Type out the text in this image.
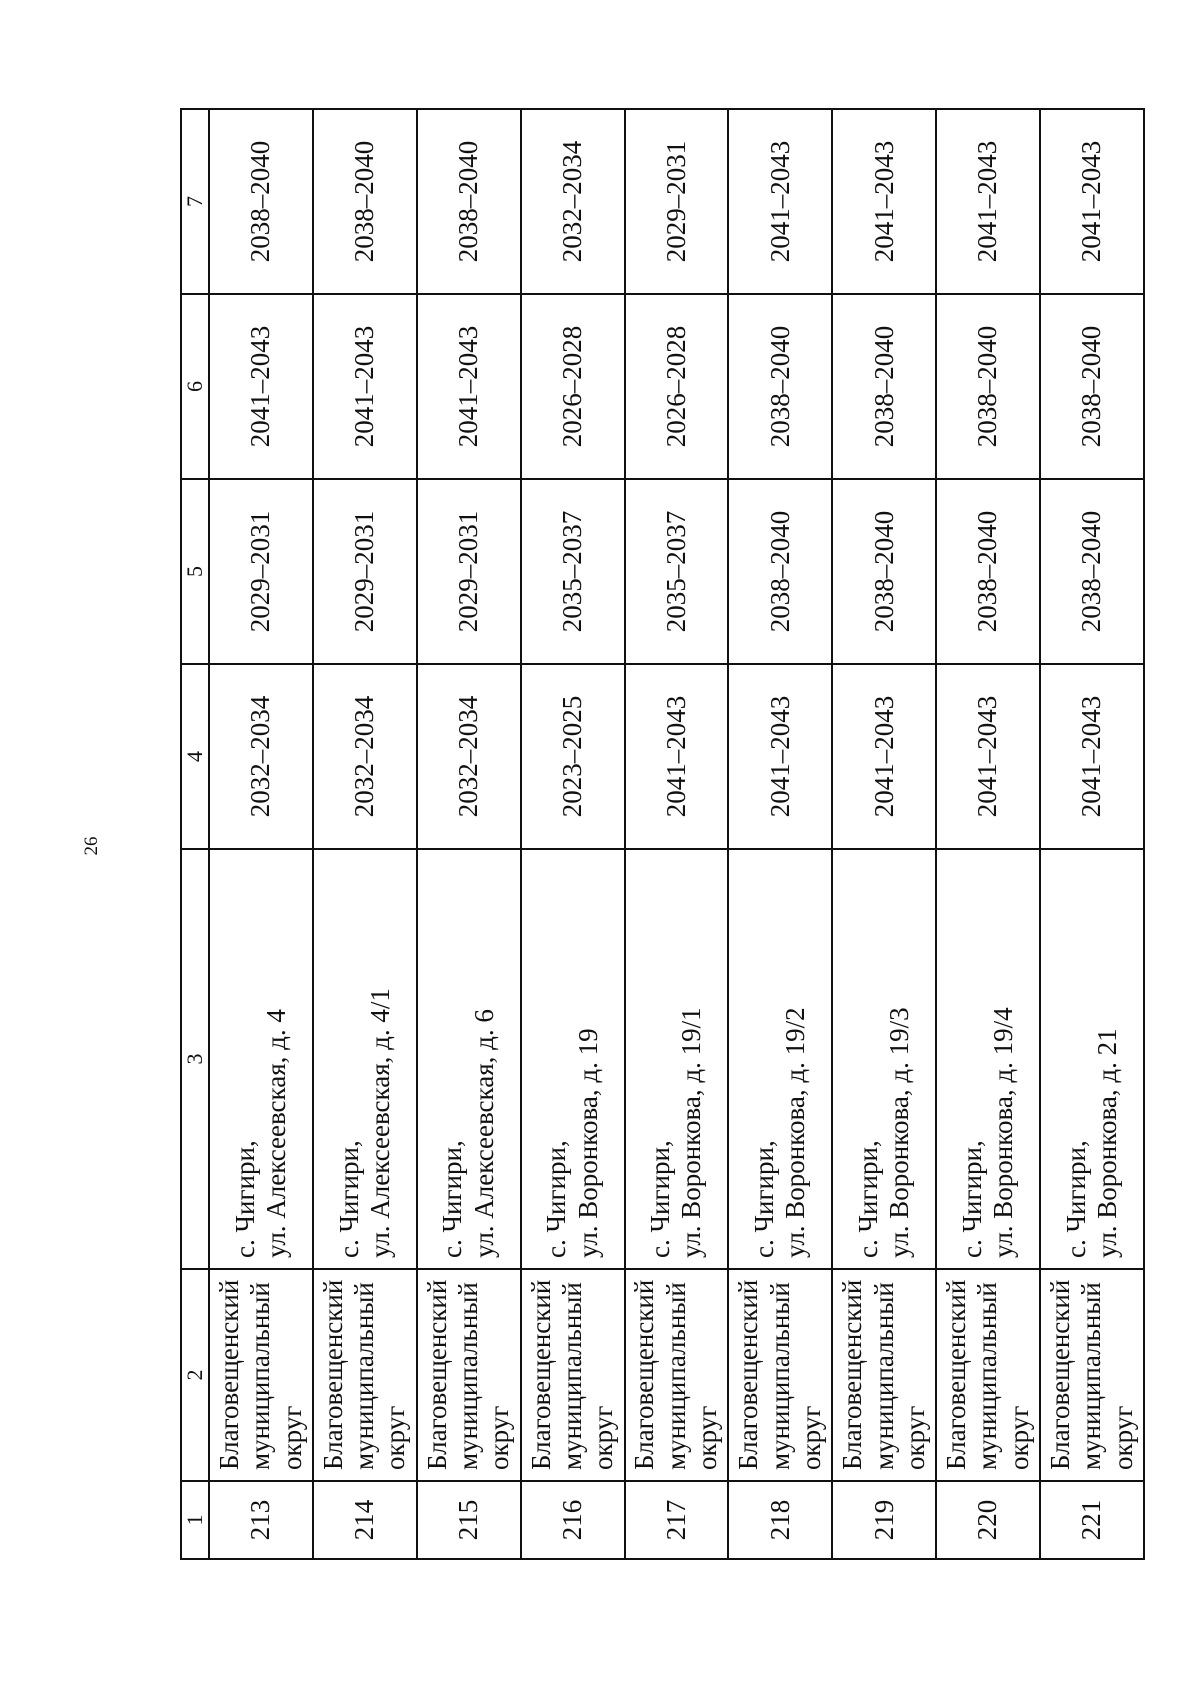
26
1	2	3	4	5	6	7
213	Благовещенский муниципальный округ	с. Чигири, ул. Алексеевская, д. 4	2032–2034	2029–2031	2041–2043	2038–2040
214	Благовещенский муниципальный округ	с. Чигири, ул. Алексеевская, д. 4/1	2032–2034	2029–2031	2041–2043	2038–2040
215	Благовещенский муниципальный округ	с. Чигири, ул. Алексеевская, д. 6	2032–2034	2029–2031	2041–2043	2038–2040
216	Благовещенский муниципальный округ	с. Чигири, ул. Воронкова, д. 19	2023–2025	2035–2037	2026–2028	2032–2034
217	Благовещенский муниципальный округ	с. Чигири, ул. Воронкова, д. 19/1	2041–2043	2035–2037	2026–2028	2029–2031
218	Благовещенский муниципальный округ	с. Чигири, ул. Воронкова, д. 19/2	2041–2043	2038–2040	2038–2040	2041–2043
219	Благовещенский муниципальный округ	с. Чигири, ул. Воронкова, д. 19/3	2041–2043	2038–2040	2038–2040	2041–2043
220	Благовещенский муниципальный округ	с. Чигири, ул. Воронкова, д. 19/4	2041–2043	2038–2040	2038–2040	2041–2043
221	Благовещенский муниципальный округ	с. Чигири, ул. Воронкова, д. 21	2041–2043	2038–2040	2038–2040	2041–2043
